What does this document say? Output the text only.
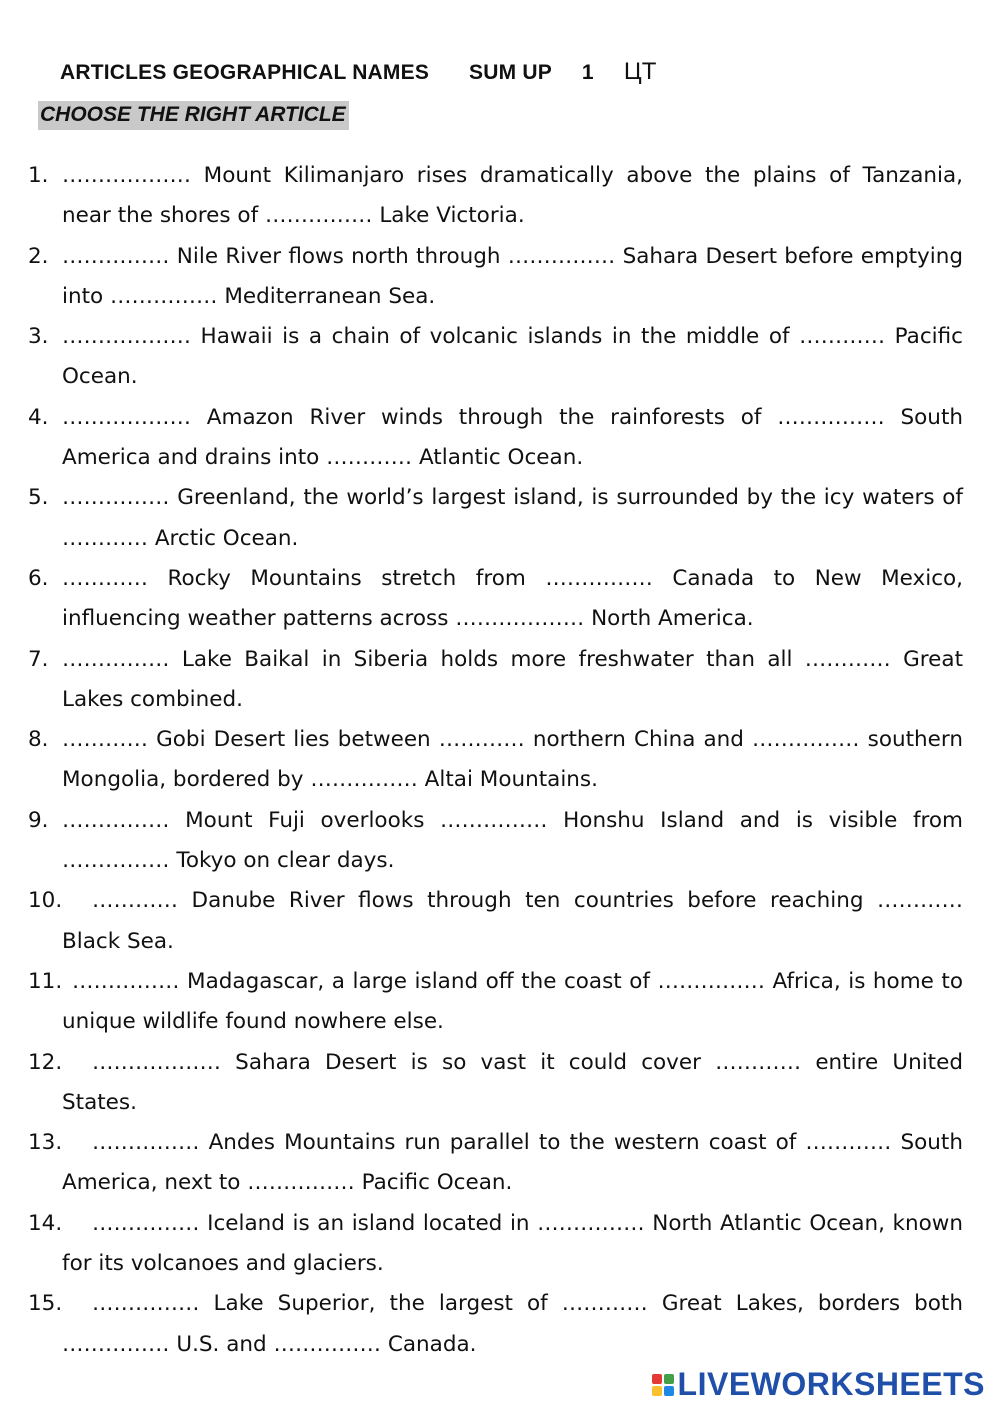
ARTICLES GEOGRAPHICAL NAMES SUM UP 1 ЦТ
CHOOSE THE RIGHT ARTICLE
1. ……………… Mount Kilimanjaro rises dramatically above the plains of Tanzania, near the shores of …………… Lake Victoria.
2. …………… Nile River flows north through …………… Sahara Desert before emptying into …………… Mediterranean Sea.
3. ……………… Hawaii is a chain of volcanic islands in the middle of ………… Pacific Ocean.
4. ……………… Amazon River winds through the rainforests of …………… South America and drains into ………… Atlantic Ocean.
5. …………… Greenland, the world’s largest island, is surrounded by the icy waters of ………… Arctic Ocean.
6. ………… Rocky Mountains stretch from …………… Canada to New Mexico, influencing weather patterns across ……………… North America.
7. …………… Lake Baikal in Siberia holds more freshwater than all ………… Great Lakes combined.
8. ………… Gobi Desert lies between ………… northern China and …………… southern Mongolia, bordered by …………… Altai Mountains.
9. …………… Mount Fuji overlooks …………… Honshu Island and is visible from …………… Tokyo on clear days.
10. ………… Danube River flows through ten countries before reaching ………… Black Sea.
11. …………… Madagascar, a large island off the coast of …………… Africa, is home to unique wildlife found nowhere else.
12. ……………… Sahara Desert is so vast it could cover ………… entire United States.
13. …………… Andes Mountains run parallel to the western coast of ………… South America, next to …………… Pacific Ocean.
14. …………… Iceland is an island located in …………… North Atlantic Ocean, known for its volcanoes and glaciers.
15. …………… Lake Superior, the largest of ………… Great Lakes, borders both …………… U.S. and …………… Canada.
LIVEWORKSHEETS
